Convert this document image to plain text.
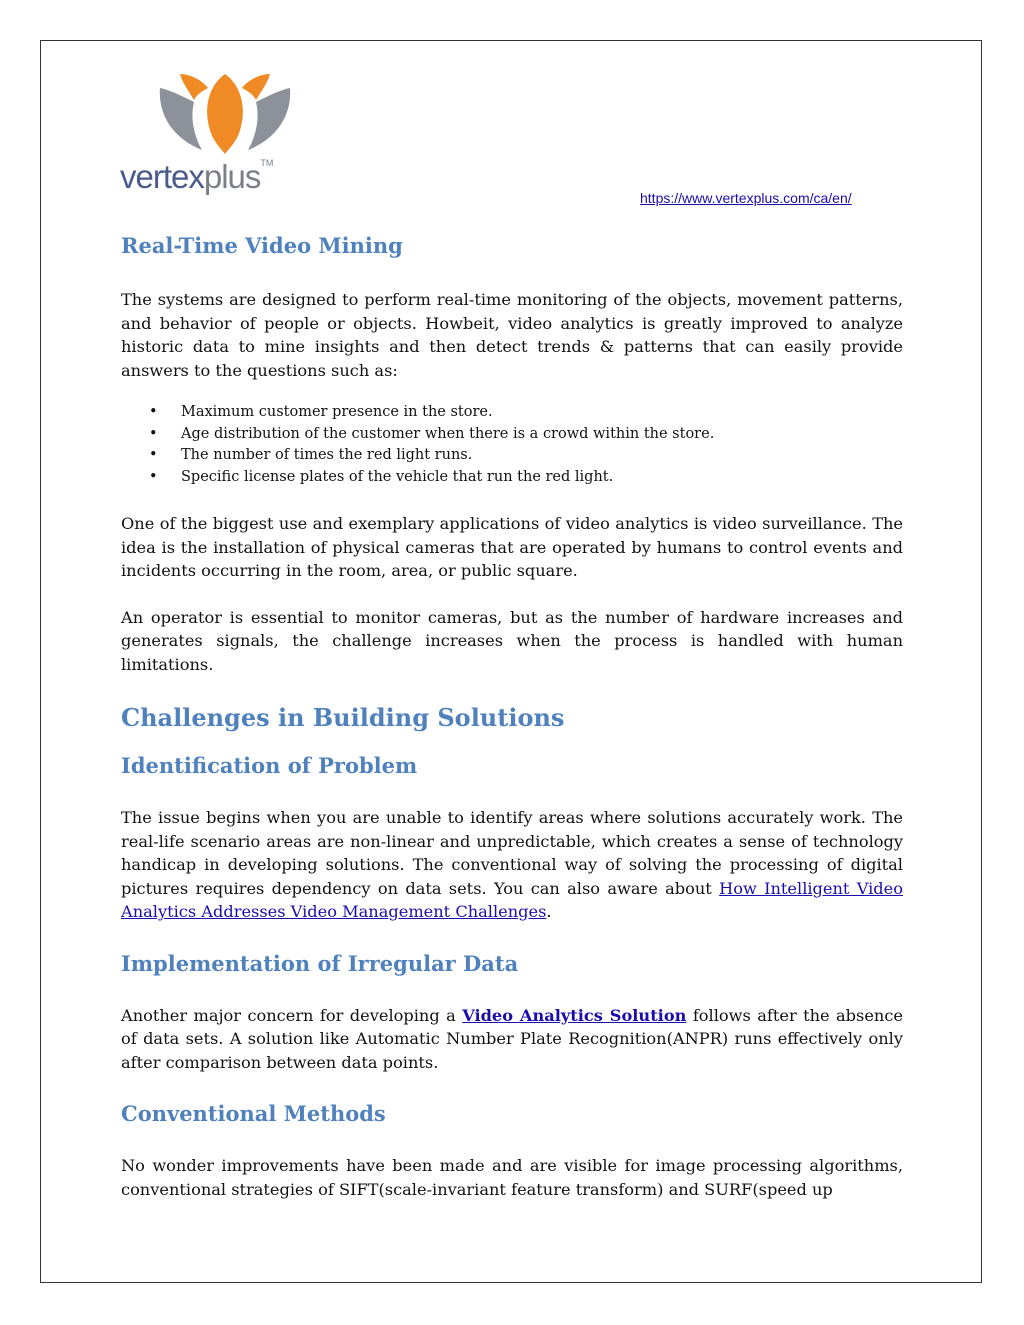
vertexplus™
https://www.vertexplus.com/ca/en/
Real-Time Video Mining

The systems are designed to perform real-time monitoring of the objects, movement patterns, and behavior of people or objects. Howbeit, video analytics is greatly improved to analyze historic data to mine insights and then detect trends & patterns that can easily provide answers to the questions such as:

• Maximum customer presence in the store.
• Age distribution of the customer when there is a crowd within the store.
• The number of times the red light runs.
• Specific license plates of the vehicle that run the red light.

One of the biggest use and exemplary applications of video analytics is video surveillance. The idea is the installation of physical cameras that are operated by humans to control events and incidents occurring in the room, area, or public square.

An operator is essential to monitor cameras, but as the number of hardware increases and generates signals, the challenge increases when the process is handled with human limitations.

Challenges in Building Solutions
Identification of Problem

The issue begins when you are unable to identify areas where solutions accurately work. The real-life scenario areas are non-linear and unpredictable, which creates a sense of technology handicap in developing solutions. The conventional way of solving the processing of digital pictures requires dependency on data sets. You can also aware about How Intelligent Video Analytics Addresses Video Management Challenges.

Implementation of Irregular Data

Another major concern for developing a Video Analytics Solution follows after the absence of data sets. A solution like Automatic Number Plate Recognition(ANPR) runs effectively only after comparison between data points.

Conventional Methods

No wonder improvements have been made and are visible for image processing algorithms, conventional strategies of SIFT(scale-invariant feature transform) and SURF(speed up
